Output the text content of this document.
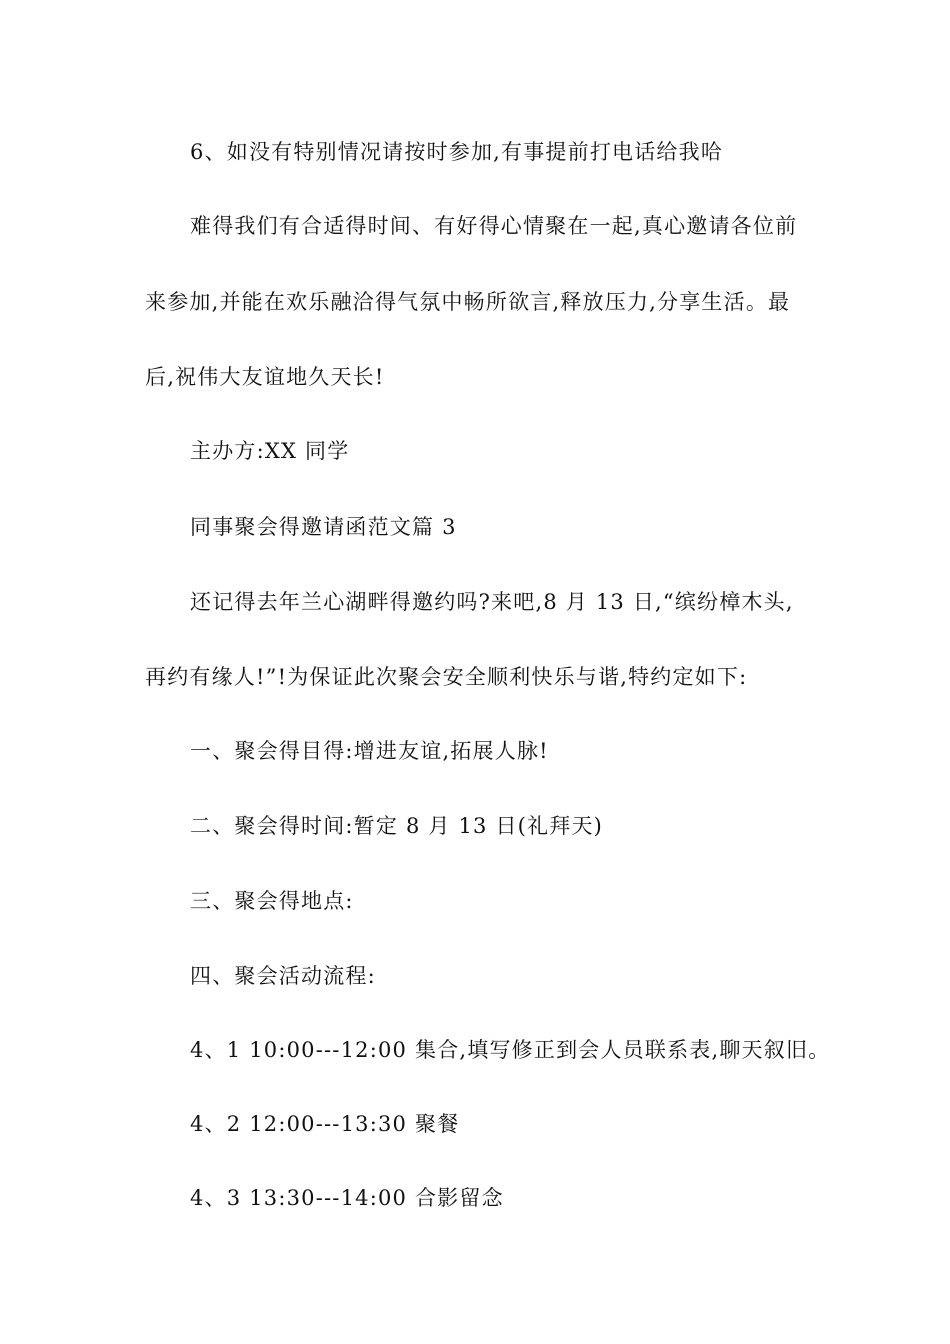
6、如没有特别情况请按时参加,有事提前打电话给我哈

难得我们有合适得时间、有好得心情聚在一起,真心邀请各位前

来参加,并能在欢乐融洽得气氛中畅所欲言,释放压力,分享生活。最

后,祝伟大友谊地久天长!

主办方:XX 同学

同事聚会得邀请函范文篇 3

还记得去年兰心湖畔得邀约吗?来吧,8 月 13 日,“缤纷樟木头,

再约有缘人!”!为保证此次聚会安全顺利快乐与谐,特约定如下:

一、聚会得目得:增进友谊,拓展人脉!

二、聚会得时间:暂定 8 月 13 日(礼拜天)

三、聚会得地点:

四、聚会活动流程:

4、1 10:00---12:00 集合,填写修正到会人员联系表,聊天叙旧。

4、2 12:00---13:30 聚餐

4、3 13:30---14:00 合影留念
